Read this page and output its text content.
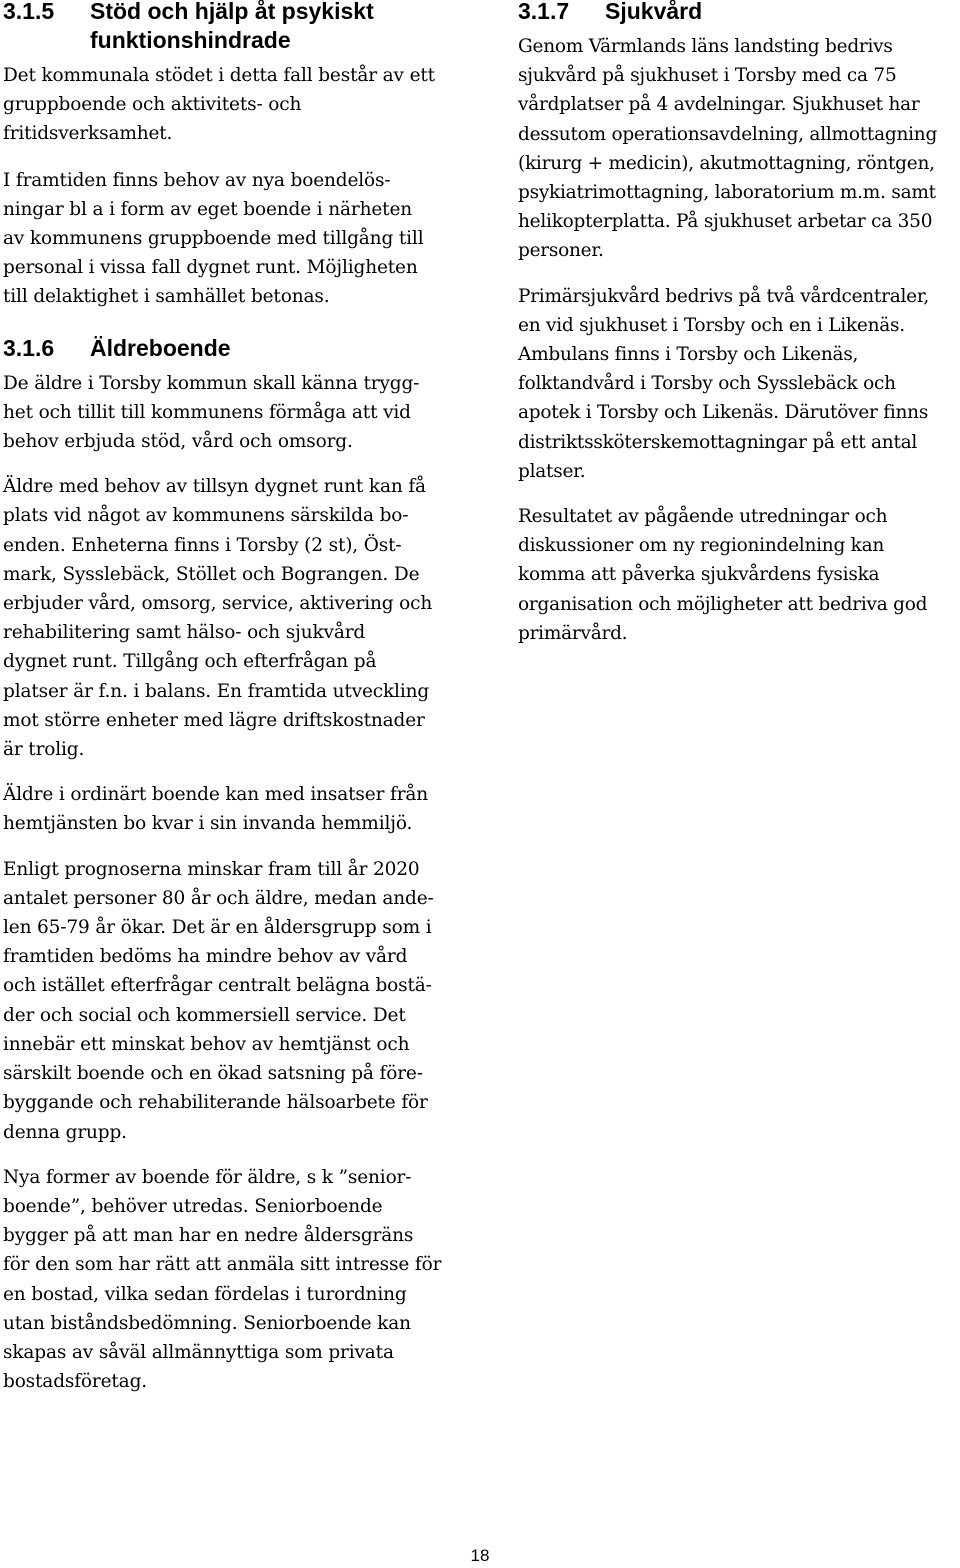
3.1.5	Stöd och hjälp åt psykiskt funktionshindrade

Det kommunala stödet i detta fall består av ett
gruppboende och aktivitets- och
fritidsverksamhet.

I framtiden finns behov av nya boendelös-
ningar bl a i form av eget boende i närheten
av kommunens gruppboende med tillgång till
personal i vissa fall dygnet runt. Möjligheten
till delaktighet i samhället betonas.

3.1.6	Äldreboende

De äldre i Torsby kommun skall känna trygg-
het och tillit till kommunens förmåga att vid
behov erbjuda stöd, vård och omsorg.

Äldre med behov av tillsyn dygnet runt kan få
plats vid något av kommunens särskilda bo-
enden. Enheterna finns i Torsby (2 st), Öst-
mark, Sysslebäck, Stöllet och Bograngen. De
erbjuder vård, omsorg, service, aktivering och
rehabilitering samt hälso- och sjukvård
dygnet runt. Tillgång och efterfrågan på
platser är f.n. i balans. En framtida utveckling
mot större enheter med lägre driftskostnader
är trolig.

Äldre i ordinärt boende kan med insatser från
hemtjänsten bo kvar i sin invanda hemmiljö.

Enligt prognoserna minskar fram till år 2020
antalet personer 80 år och äldre, medan ande-
len 65-79 år ökar. Det är en åldersgrupp som i
framtiden bedöms ha mindre behov av vård
och istället efterfrågar centralt belägna bostä-
der och social och kommersiell service. Det
innebär ett minskat behov av hemtjänst och
särskilt boende och en ökad satsning på före-
byggande och rehabiliterande hälsoarbete för
denna grupp.

Nya former av boende för äldre, s k ”senior-
boende”, behöver utredas. Seniorboende
bygger på att man har en nedre åldersgräns
för den som har rätt att anmäla sitt intresse för
en bostad, vilka sedan fördelas i turordning
utan biståndsbedömning. Seniorboende kan
skapas av såväl allmännyttiga som privata
bostadsföretag.

3.1.7	Sjukvård

Genom Värmlands läns landsting bedrivs
sjukvård på sjukhuset i Torsby med ca 75
vårdplatser på 4 avdelningar. Sjukhuset har
dessutom operationsavdelning, allmottagning
(kirurg + medicin), akutmottagning, röntgen,
psykiatrimottagning, laboratorium m.m. samt
helikopterplatta. På sjukhuset arbetar ca 350
personer.

Primärsjukvård bedrivs på två vårdcentraler,
en vid sjukhuset i Torsby och en i Likenäs.
Ambulans finns i Torsby och Likenäs,
folktandvård i Torsby och Sysslebäck och
apotek i Torsby och Likenäs. Därutöver finns
distriktssköterskemottagningar på ett antal
platser.

Resultatet av pågående utredningar och
diskussioner om ny regionindelning kan
komma att påverka sjukvårdens fysiska
organisation och möjligheter att bedriva god
primärvård.

18
